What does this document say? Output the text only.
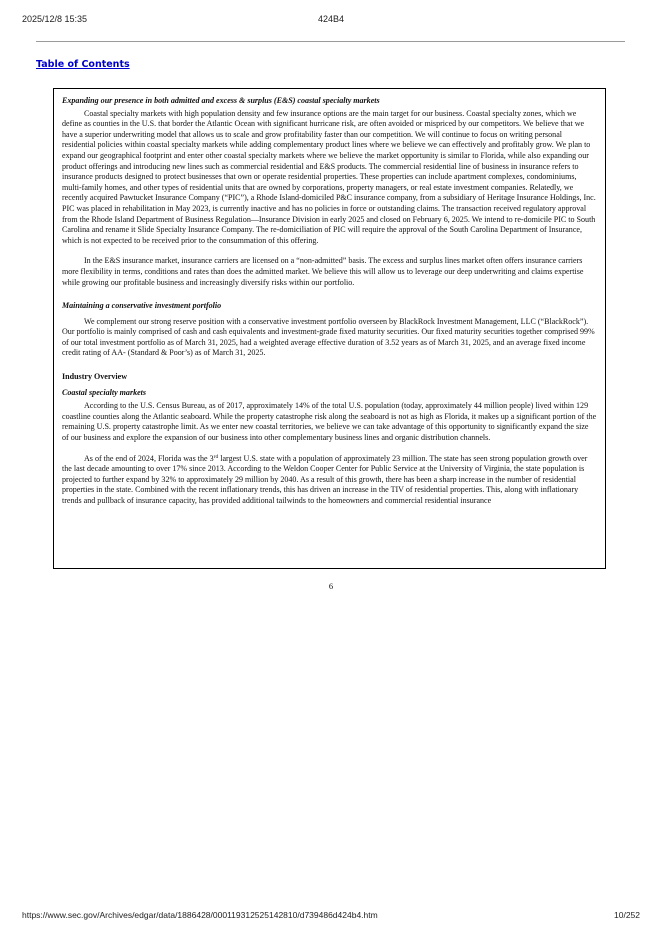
2025/12/8 15:35	424B4
Table of Contents

Expanding our presence in both admitted and excess & surplus (E&S) coastal specialty markets

Coastal specialty markets with high population density and few insurance options are the main target for our business. Coastal specialty zones, which we define as counties in the U.S. that border the Atlantic Ocean with significant hurricane risk, are often avoided or mispriced by our competitors. We believe that we have a superior underwriting model that allows us to scale and grow profitability faster than our competition. We will continue to focus on writing personal residential policies within coastal specialty markets while adding complementary product lines where we believe we can effectively and profitably grow. We plan to expand our geographical footprint and enter other coastal specialty markets where we believe the market opportunity is similar to Florida, while also expanding our product offerings and introducing new lines such as commercial residential and E&S products. The commercial residential line of business in insurance refers to insurance products designed to protect businesses that own or operate residential properties. These properties can include apartment complexes, condominiums, multi-family homes, and other types of residential units that are owned by corporations, property managers, or real estate investment companies. Relatedly, we recently acquired Pawtucket Insurance Company (“PIC”), a Rhode Island-domiciled P&C insurance company, from a subsidiary of Heritage Insurance Holdings, Inc. PIC was placed in rehabilitation in May 2023, is currently inactive and has no policies in force or outstanding claims. The transaction received regulatory approval from the Rhode Island Department of Business Regulation—Insurance Division in early 2025 and closed on February 6, 2025. We intend to re-domicile PIC to South Carolina and rename it Slide Specialty Insurance Company. The re-domiciliation of PIC will require the approval of the South Carolina Department of Insurance, which is not expected to be received prior to the consummation of this offering.

In the E&S insurance market, insurance carriers are licensed on a “non-admitted” basis. The excess and surplus lines market often offers insurance carriers more flexibility in terms, conditions and rates than does the admitted market. We believe this will allow us to leverage our deep underwriting and claims expertise while growing our profitable business and increasingly diversify risks within our portfolio.

Maintaining a conservative investment portfolio

We complement our strong reserve position with a conservative investment portfolio overseen by BlackRock Investment Management, LLC (“BlackRock”). Our portfolio is mainly comprised of cash and cash equivalents and investment-grade fixed maturity securities. Our fixed maturity securities together comprised 99% of our total investment portfolio as of March 31, 2025, had a weighted average effective duration of 3.52 years as of March 31, 2025, and an average fixed income credit rating of AA- (Standard & Poor’s) as of March 31, 2025.

Industry Overview

Coastal specialty markets

According to the U.S. Census Bureau, as of 2017, approximately 14% of the total U.S. population (today, approximately 44 million people) lived within 129 coastline counties along the Atlantic seaboard. While the property catastrophe risk along the seaboard is not as high as Florida, it makes up a significant portion of the remaining U.S. property catastrophe limit. As we enter new coastal territories, we believe we can take advantage of this opportunity to significantly expand the size of our business and explore the expansion of our business into other complementary business lines and organic distribution channels.

As of the end of 2024, Florida was the 3rd largest U.S. state with a population of approximately 23 million. The state has seen strong population growth over the last decade amounting to over 17% since 2013. According to the Weldon Cooper Center for Public Service at the University of Virginia, the state population is projected to further expand by 32% to approximately 29 million by 2040. As a result of this growth, there has been a sharp increase in the number of residential properties in the state. Combined with the recent inflationary trends, this has driven an increase in the TIV of residential properties. This, along with inflationary trends and pullback of insurance capacity, has provided additional tailwinds to the homeowners and commercial residential insurance

6
https://www.sec.gov/Archives/edgar/data/1886428/000119312525142810/d739486d424b4.htm	10/252
